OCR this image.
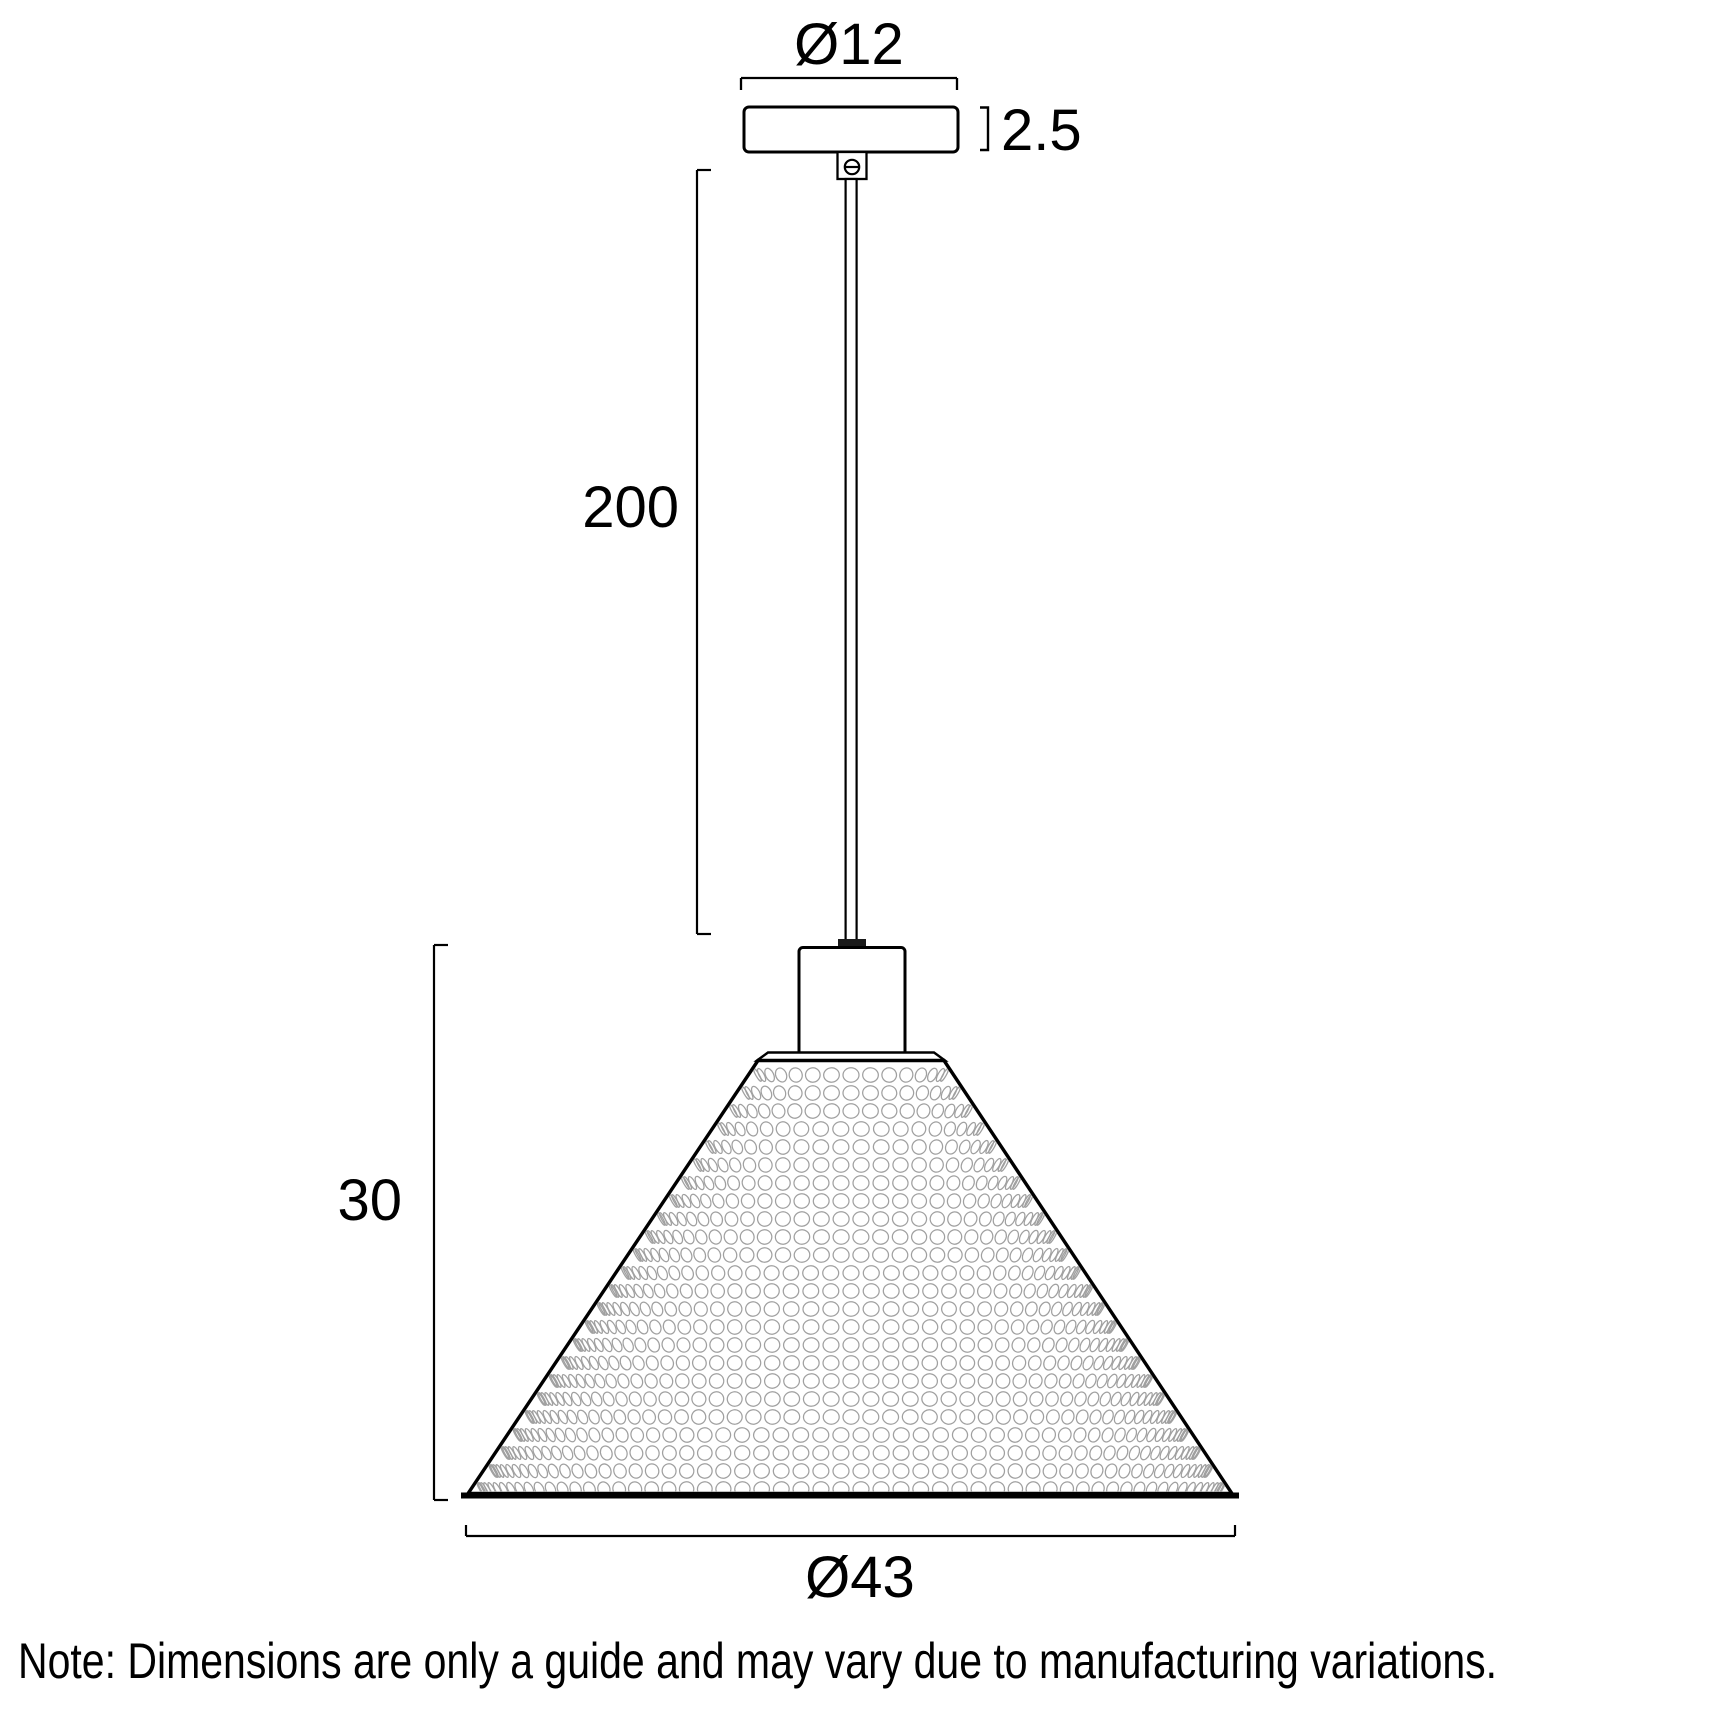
Ø12
2.5
200
30
Ø43
Note: Dimensions are only a guide and may vary due to manufacturing variations.
